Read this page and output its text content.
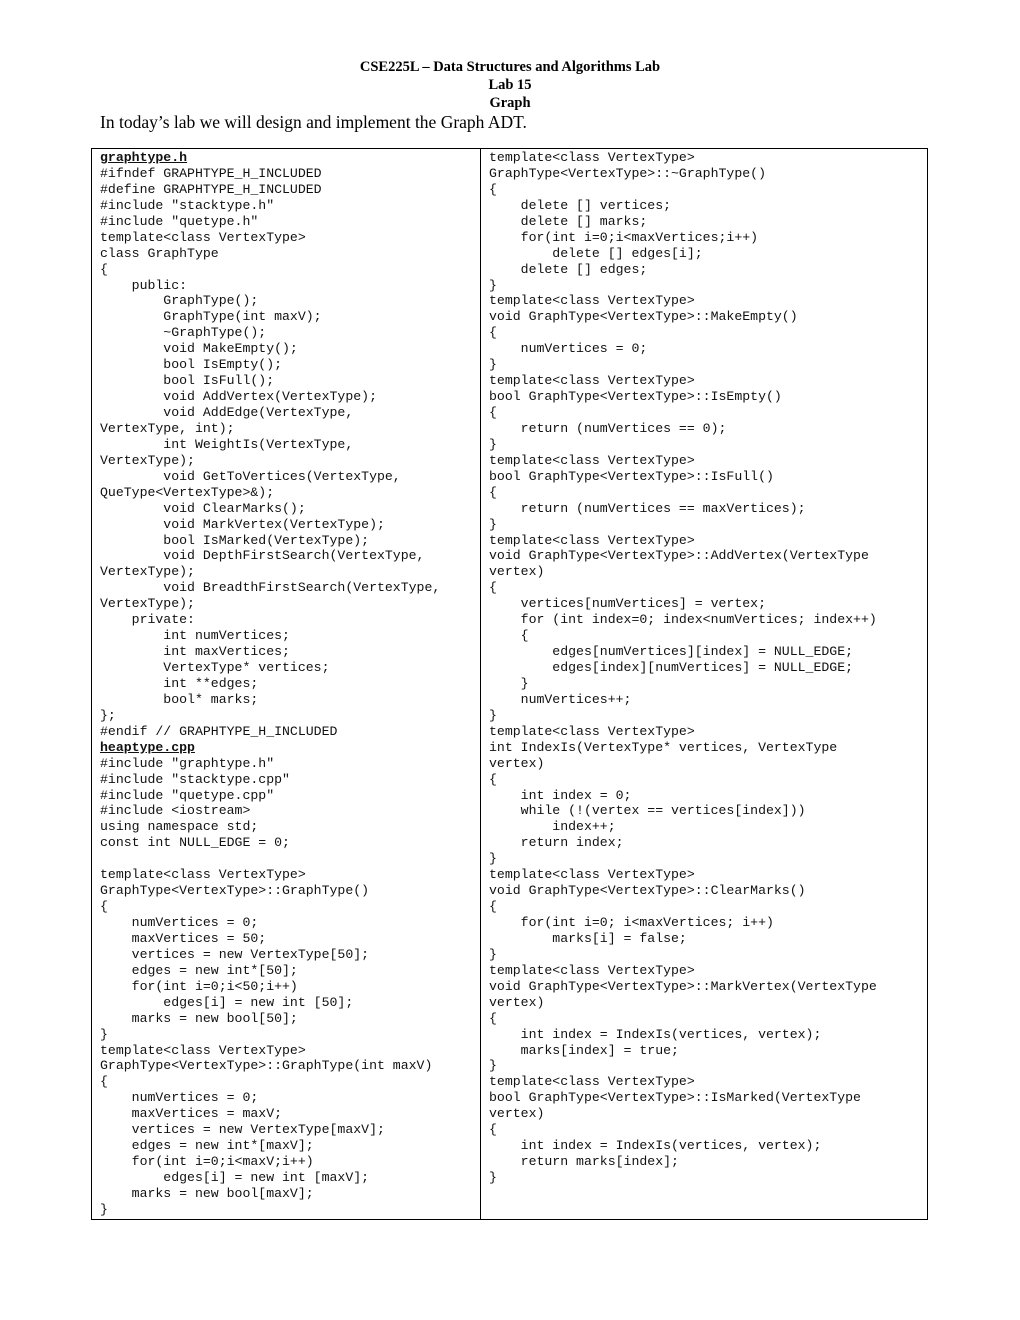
CSE225L – Data Structures and Algorithms Lab
Lab 15
Graph
In today’s lab we will design and implement the Graph ADT.
graphtype.h
#ifndef GRAPHTYPE_H_INCLUDED
#define GRAPHTYPE_H_INCLUDED
#include "stacktype.h"
#include "quetype.h"
template<class VertexType>
class GraphType
{
public:
GraphType();
GraphType(int maxV);
~GraphType();
void MakeEmpty();
bool IsEmpty();
bool IsFull();
void AddVertex(VertexType);
void AddEdge(VertexType,
VertexType, int);
int WeightIs(VertexType,
VertexType);
void GetToVertices(VertexType,
QueType<VertexType>&);
void ClearMarks();
void MarkVertex(VertexType);
bool IsMarked(VertexType);
void DepthFirstSearch(VertexType,
VertexType);
void BreadthFirstSearch(VertexType,
VertexType);
private:
int numVertices;
int maxVertices;
VertexType* vertices;
int **edges;
bool* marks;
};
#endif // GRAPHTYPE_H_INCLUDED
heaptype.cpp
#include "graphtype.h"
#include "stacktype.cpp"
#include "quetype.cpp"
#include <iostream>
using namespace std;
const int NULL_EDGE = 0;
template<class VertexType>
GraphType<VertexType>::GraphType()
{
numVertices = 0;
maxVertices = 50;
vertices = new VertexType[50];
edges = new int*[50];
for(int i=0;i<50;i++)
edges[i] = new int [50];
marks = new bool[50];
}
template<class VertexType>
GraphType<VertexType>::GraphType(int maxV)
{
numVertices = 0;
maxVertices = maxV;
vertices = new VertexType[maxV];
edges = new int*[maxV];
for(int i=0;i<maxV;i++)
edges[i] = new int [maxV];
marks = new bool[maxV];
}
template<class VertexType>
GraphType<VertexType>::~GraphType()
{
delete [] vertices;
delete [] marks;
for(int i=0;i<maxVertices;i++)
delete [] edges[i];
delete [] edges;
}
template<class VertexType>
void GraphType<VertexType>::MakeEmpty()
{
numVertices = 0;
}
template<class VertexType>
bool GraphType<VertexType>::IsEmpty()
{
return (numVertices == 0);
}
template<class VertexType>
bool GraphType<VertexType>::IsFull()
{
return (numVertices == maxVertices);
}
template<class VertexType>
void GraphType<VertexType>::AddVertex(VertexType
vertex)
{
vertices[numVertices] = vertex;
for (int index=0; index<numVertices; index++)
{
edges[numVertices][index] = NULL_EDGE;
edges[index][numVertices] = NULL_EDGE;
}
numVertices++;
}
template<class VertexType>
int IndexIs(VertexType* vertices, VertexType
vertex)
{
int index = 0;
while (!(vertex == vertices[index]))
index++;
return index;
}
template<class VertexType>
void GraphType<VertexType>::ClearMarks()
{
for(int i=0; i<maxVertices; i++)
marks[i] = false;
}
template<class VertexType>
void GraphType<VertexType>::MarkVertex(VertexType
vertex)
{
int index = IndexIs(vertices, vertex);
marks[index] = true;
}
template<class VertexType>
bool GraphType<VertexType>::IsMarked(VertexType
vertex)
{
int index = IndexIs(vertices, vertex);
return marks[index];
}
